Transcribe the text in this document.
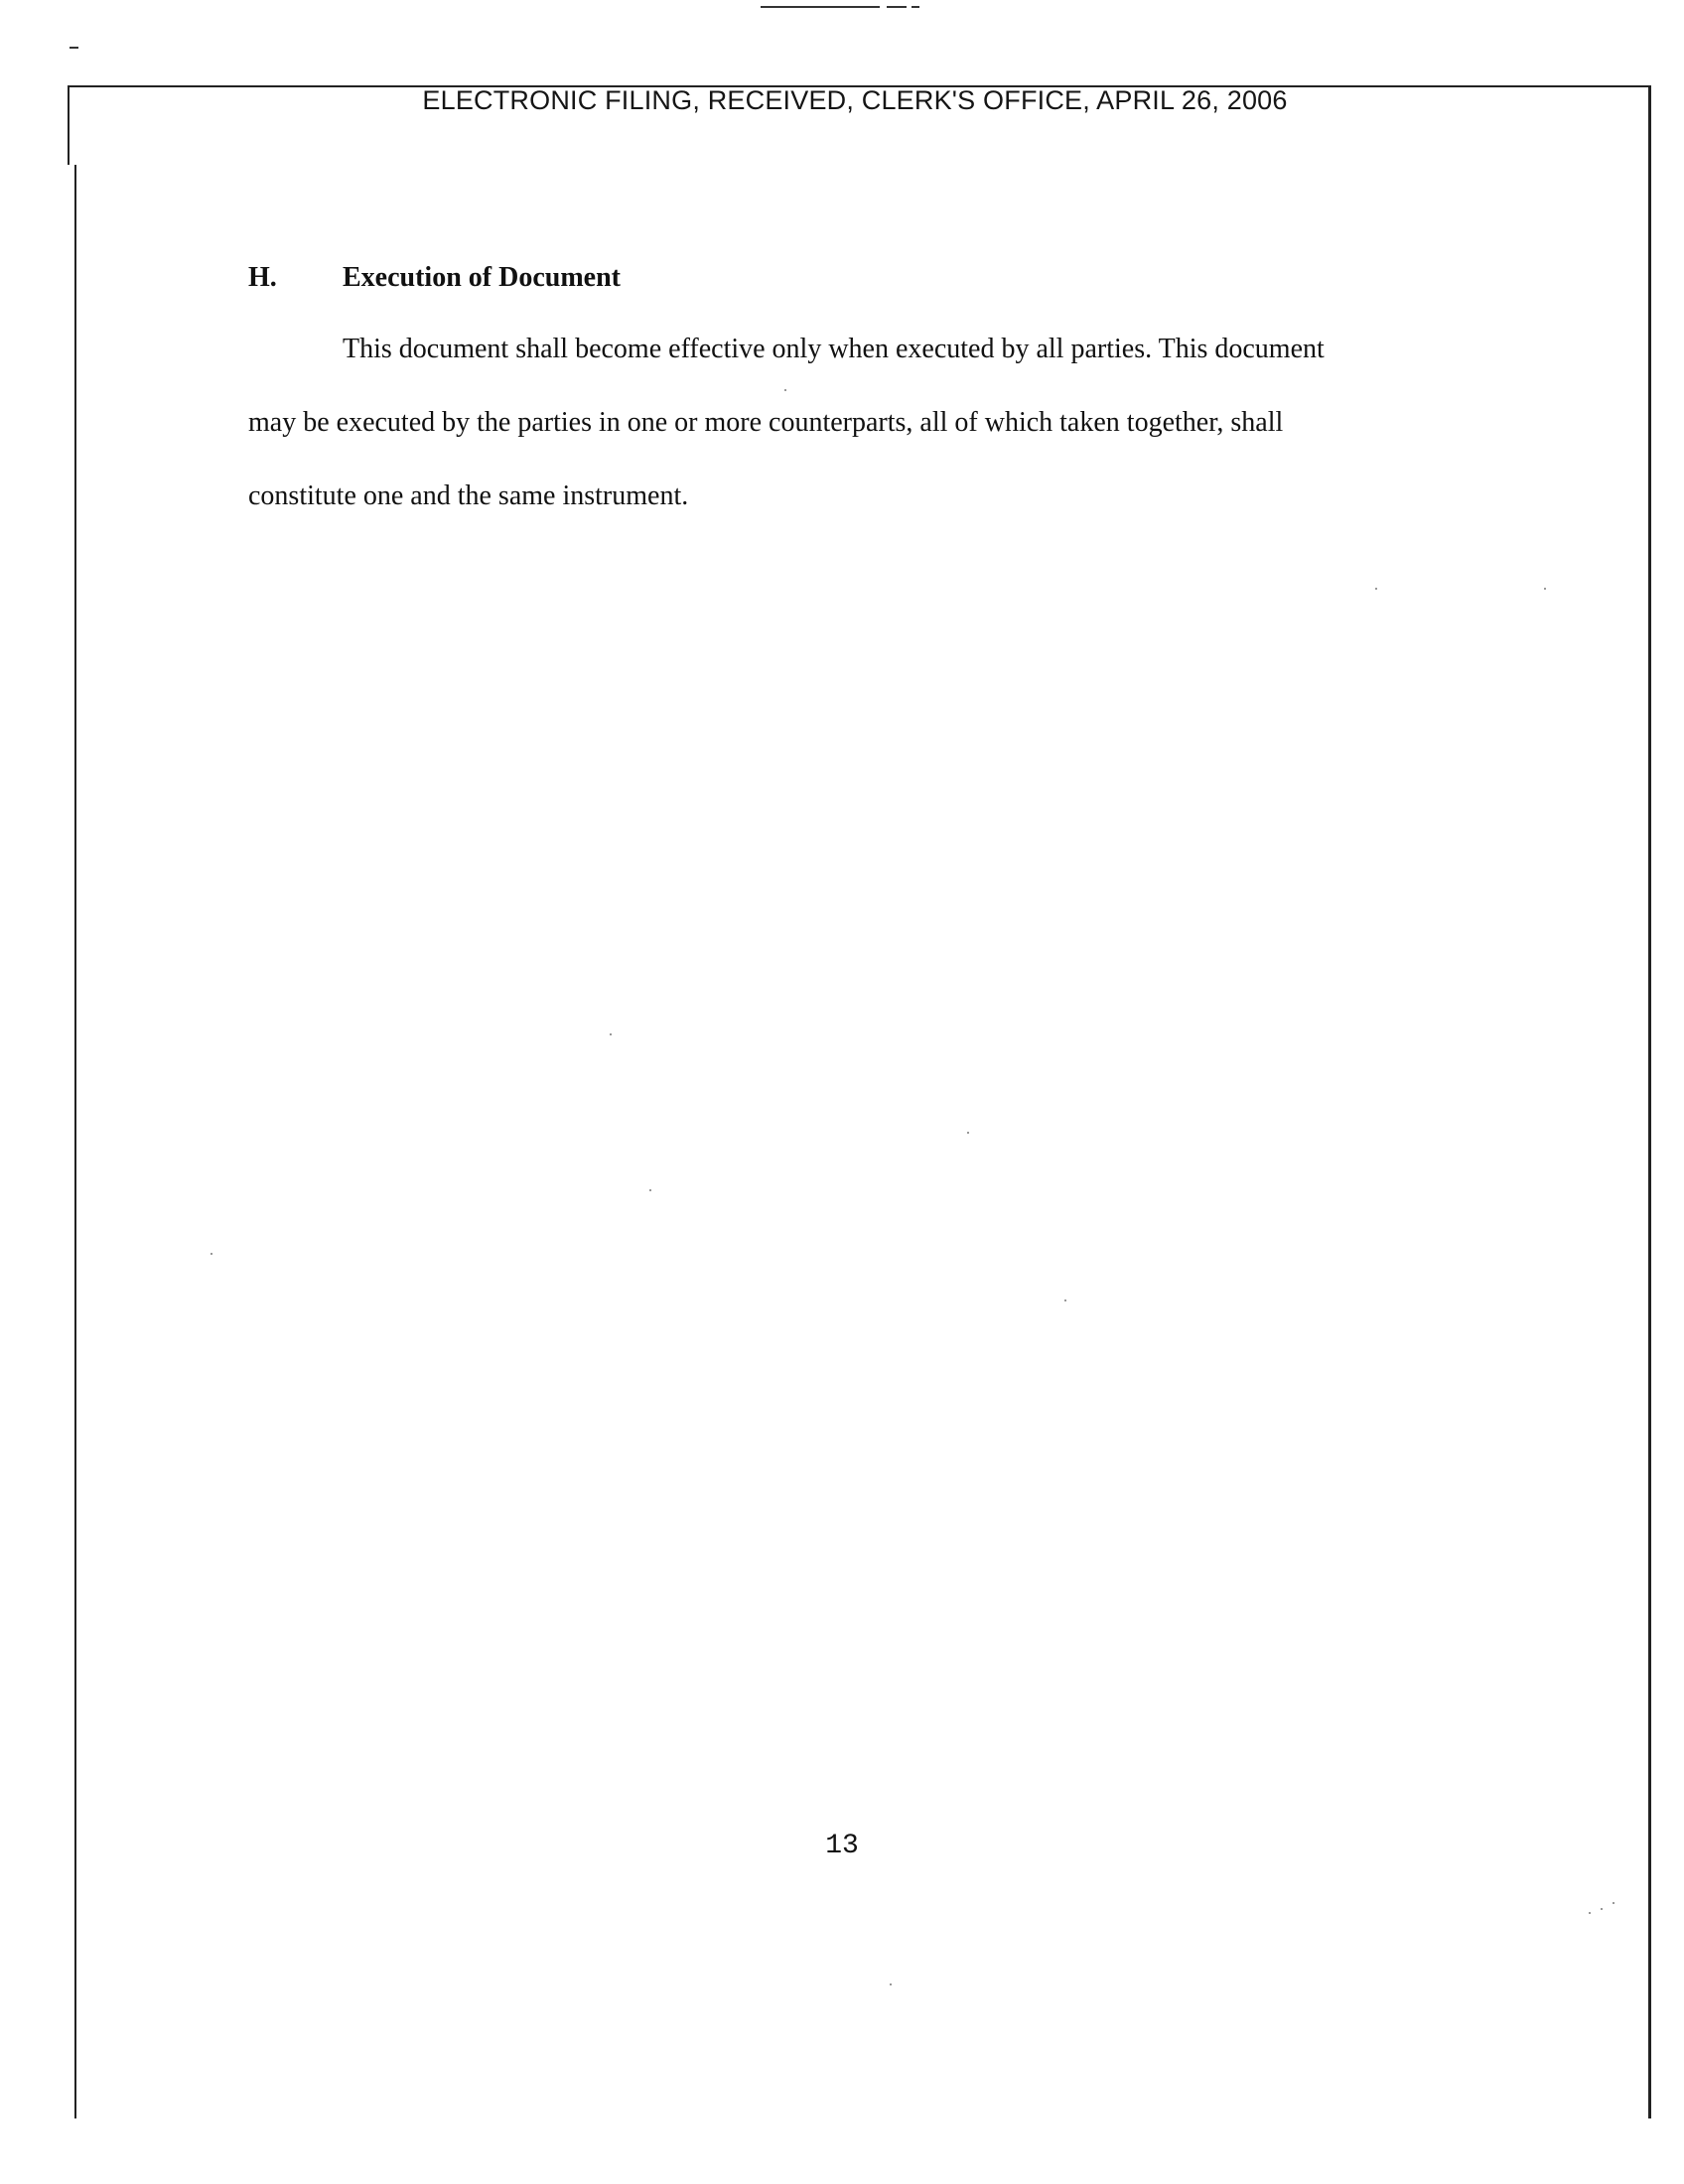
ELECTRONIC FILING, RECEIVED, CLERK'S OFFICE, APRIL 26, 2006
H. Execution of Document
This document shall become effective only when executed by all parties. This document
may be executed by the parties in one or more counterparts, all of which taken together, shall
constitute one and the same instrument.
13
